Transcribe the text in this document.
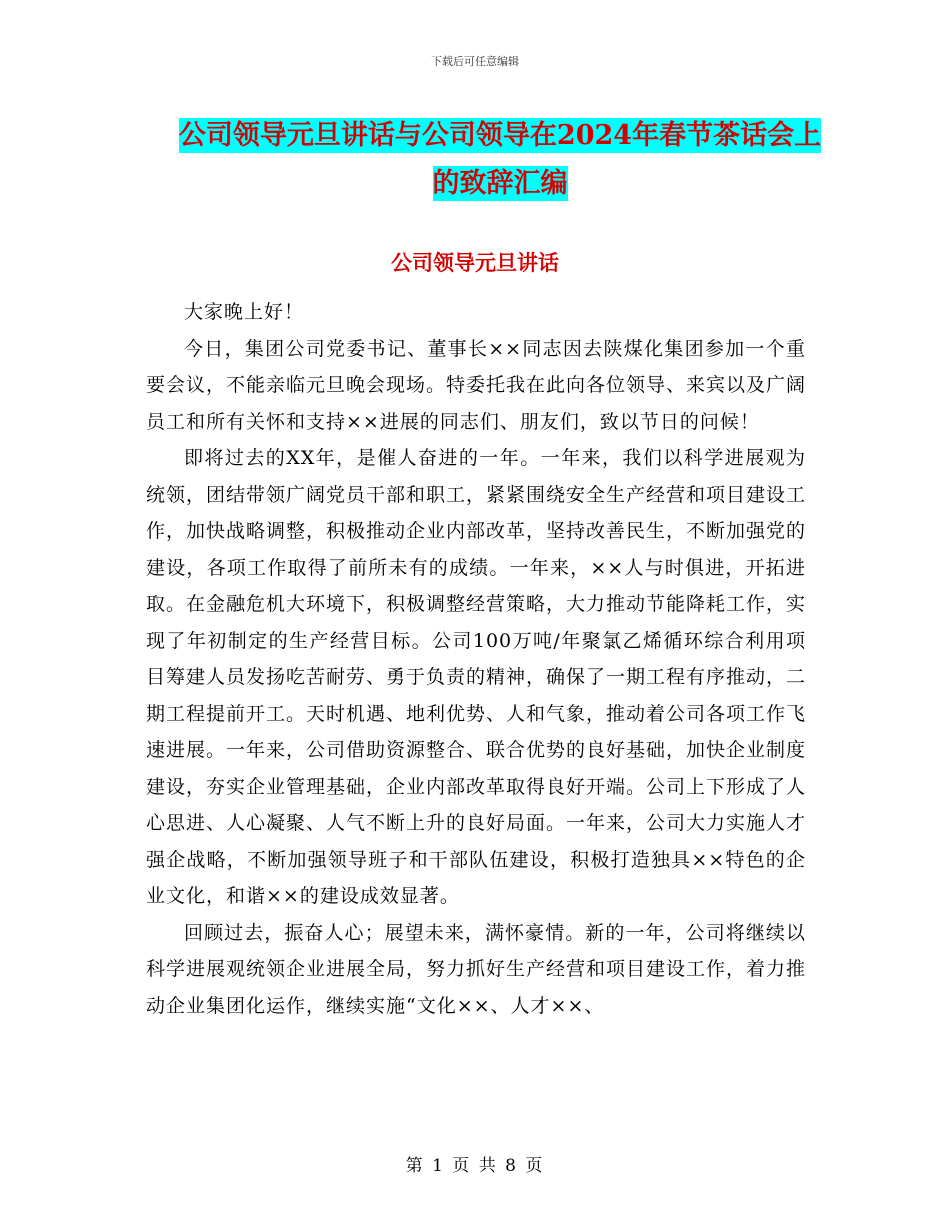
下载后可任意编辑
公司领导元旦讲话与公司领导在2024年春节茶话会上
的致辞汇编
公司领导元旦讲话

大家晚上好！

今日，集团公司党委书记、董事长××同志因去陕煤化集团参加一个重要会议，不能亲临元旦晚会现场。特委托我在此向各位领导、来宾以及广阔员工和所有关怀和支持××进展的同志们、朋友们，致以节日的问候！

即将过去的XX年，是催人奋进的一年。一年来，我们以科学进展观为统领，团结带领广阔党员干部和职工，紧紧围绕安全生产经营和项目建设工作，加快战略调整，积极推动企业内部改革，坚持改善民生，不断加强党的建设，各项工作取得了前所未有的成绩。一年来，××人与时俱进，开拓进取。在金融危机大环境下，积极调整经营策略，大力推动节能降耗工作，实现了年初制定的生产经营目标。公司100万吨/年聚氯乙烯循环综合利用项目筹建人员发扬吃苦耐劳、勇于负责的精神，确保了一期工程有序推动，二期工程提前开工。天时机遇、地利优势、人和气象，推动着公司各项工作飞速进展。一年来，公司借助资源整合、联合优势的良好基础，加快企业制度建设，夯实企业管理基础，企业内部改革取得良好开端。公司上下形成了人心思进、人心凝聚、人气不断上升的良好局面。一年来，公司大力实施人才强企战略，不断加强领导班子和干部队伍建设，积极打造独具××特色的企业文化，和谐××的建设成效显著。

回顾过去，振奋人心；展望未来，满怀豪情。新的一年，公司将继续以科学进展观统领企业进展全局，努力抓好生产经营和项目建设工作，着力推动企业集团化运作，继续实施“文化××、人才××、

第 1 页 共 8 页
